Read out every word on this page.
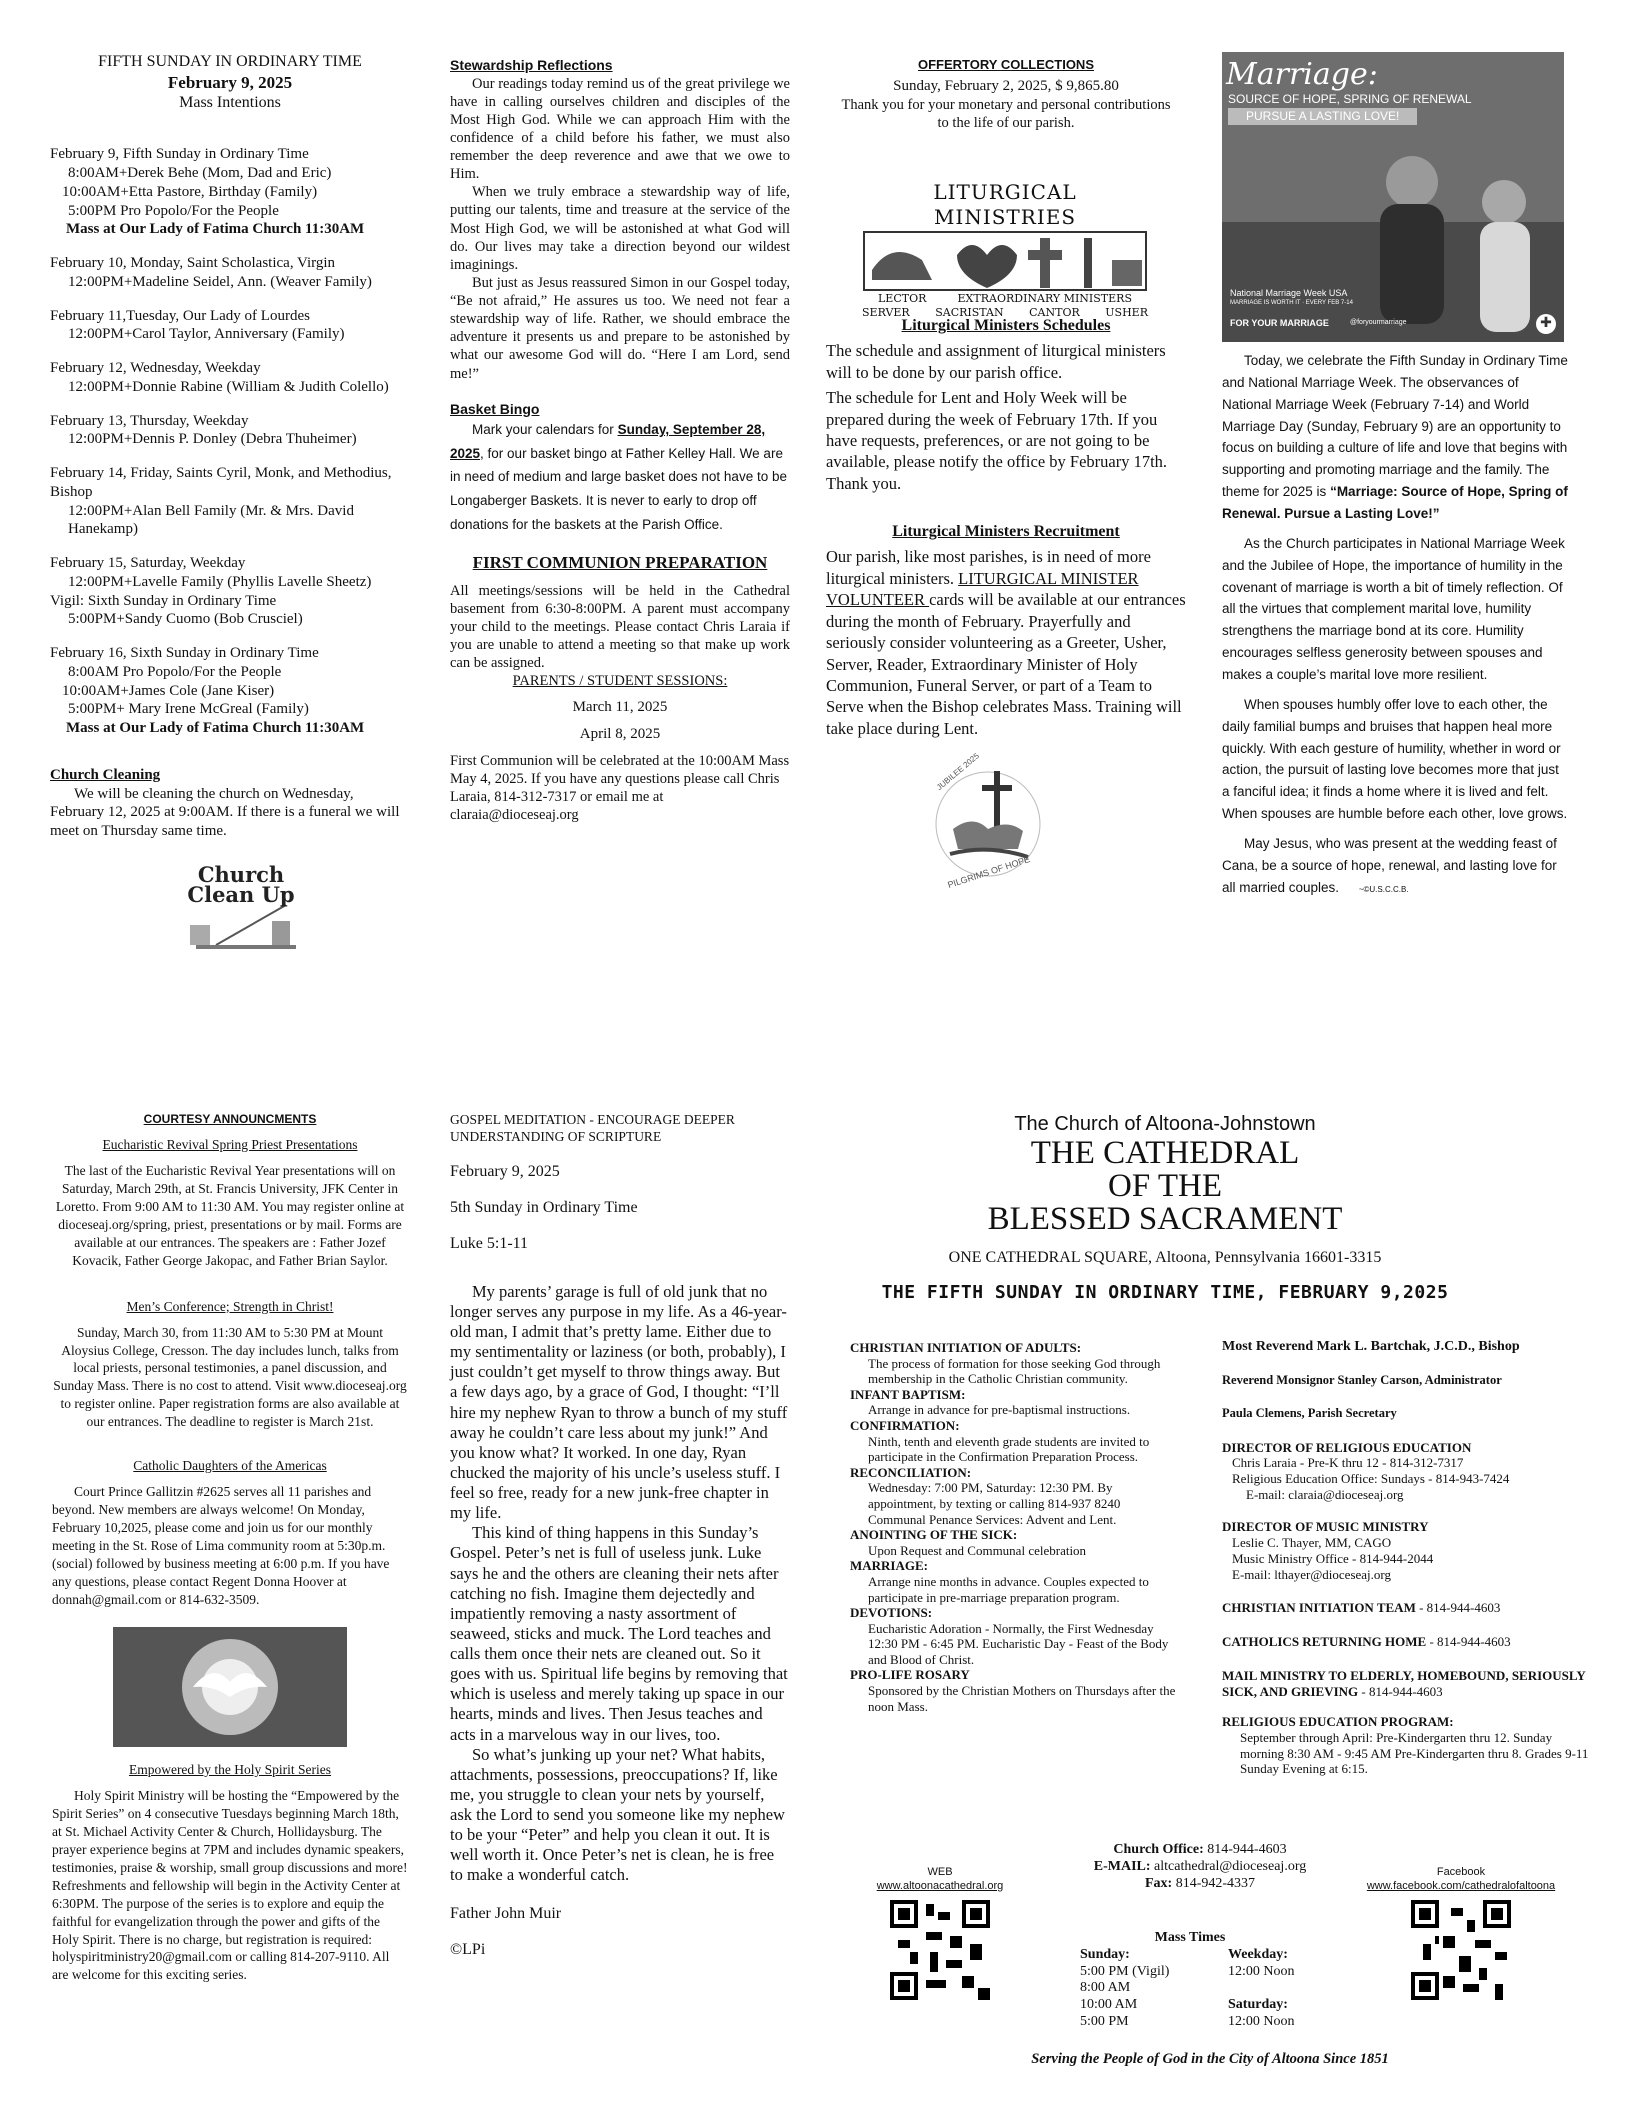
FIFTH SUNDAY IN ORDINARY TIME
February 9, 2025
Mass Intentions

February 9, Fifth Sunday in Ordinary Time

8:00AM+Derek Behe (Mom, Dad and Eric)

10:00AM+Etta Pastore, Birthday (Family)

5:00PM Pro Popolo/For the People

Mass at Our Lady of Fatima Church 11:30AM

February 10, Monday, Saint Scholastica, Virgin

12:00PM+Madeline Seidel, Ann. (Weaver Family)

February 11,Tuesday, Our Lady of Lourdes

12:00PM+Carol Taylor, Anniversary (Family)

February 12, Wednesday, Weekday

12:00PM+Donnie Rabine (William & Judith Colello)

February 13, Thursday, Weekday

12:00PM+Dennis P. Donley (Debra Thuheimer)

February 14, Friday, Saints Cyril, Monk, and Methodius, Bishop

12:00PM+Alan Bell Family (Mr. & Mrs. David Hanekamp)

February 15, Saturday, Weekday

12:00PM+Lavelle Family (Phyllis Lavelle Sheetz)

Vigil: Sixth Sunday in Ordinary Time

5:00PM+Sandy Cuomo (Bob Crusciel)

February 16, Sixth Sunday in Ordinary Time

8:00AM Pro Popolo/For the People

10:00AM+James Cole (Jane Kiser)

5:00PM+ Mary Irene McGreal (Family)

Mass at Our Lady of Fatima Church 11:30AM

Church Cleaning

We will be cleaning the church on Wednesday, February 12, 2025 at 9:00AM. If there is a funeral we will meet on Thursday same time.

Church Clean Up
Stewardship Reflections

Our readings today remind us of the great privilege we have in calling ourselves children and disciples of the Most High God. While we can approach Him with the confidence of a child before his father, we must also remember the deep reverence and awe that we owe to Him.

When we truly embrace a stewardship way of life, putting our talents, time and treasure at the service of the Most High God, we will be astonished at what God will do. Our lives may take a direction beyond our wildest imaginings.

But just as Jesus reassured Simon in our Gospel today, “Be not afraid,” He assures us too. We need not fear a stewardship way of life. Rather, we should embrace the adventure it presents us and prepare to be astonished by what our awesome God will do. “Here I am Lord, send me!”

Basket Bingo

Mark your calendars for Sunday, September 28, 2025, for our basket bingo at Father Kelley Hall. We are in need of medium and large basket does not have to be Longaberger Baskets. It is never to early to drop off donations for the baskets at the Parish Office.

FIRST COMMUNION PREPARATION

All meetings/sessions will be held in the Cathedral basement from 6:30-8:00PM. A parent must accompany your child to the meetings. Please contact Chris Laraia if you are unable to attend a meeting so that make up work can be assigned.

PARENTS / STUDENT SESSIONS:
March 11, 2025
April 8, 2025

First Communion will be celebrated at the 10:00AM Mass May 4, 2025. If you have any questions please call Chris Laraia, 814-312-7317 or email me at claraia@dioceseaj.org

OFFERTORY COLLECTIONS
Sunday, February 2, 2025, $ 9,865.80

Thank you for your monetary and personal contributions to the life of our parish.

LITURGICAL MINISTRIES
LECTOR	EXTRAORDINARY MINISTERS
SERVER SACRISTAN CANTOR USHER
Liturgical Ministers Schedules

The schedule and assignment of liturgical ministers will to be done by our parish office.

The schedule for Lent and Holy Week will be prepared during the week of February 17th. If you have requests, preferences, or are not going to be available, please notify the office by February 17th. Thank you.

Liturgical Ministers Recruitment

Our parish, like most parishes, is in need of more liturgical ministers. LITURGICAL MINISTER VOLUNTEER cards will be available at our entrances during the month of February. Prayerfully and seriously consider volunteering as a Greeter, Usher, Server, Reader, Extraordinary Minister of Holy Communion, Funeral Server, or part of a Team to Serve when the Bishop celebrates Mass. Training will take place during Lent.

JUBILEE 2025
PILGRIMS OF HOPE
Marriage:
SOURCE OF HOPE, SPRING OF RENEWAL
PURSUE A LASTING LOVE!
National Marriage Week USA
MARRIAGE IS WORTH IT · EVERY FEB 7-14
FOR YOUR MARRIAGE	@foryourmarriage	✚

Today, we celebrate the Fifth Sunday in Ordinary Time and National Marriage Week. The observances of National Marriage Week (February 7-14) and World Marriage Day (Sunday, February 9) are an opportunity to focus on building a culture of life and love that begins with supporting and promoting marriage and the family. The theme for 2025 is “Marriage: Source of Hope, Spring of Renewal. Pursue a Lasting Love!”

As the Church participates in National Marriage Week and the Jubilee of Hope, the importance of humility in the covenant of marriage is worth a bit of timely reflection. Of all the virtues that complement marital love, humility strengthens the marriage bond at its core. Humility encourages selfless generosity between spouses and makes a couple’s marital love more resilient.

When spouses humbly offer love to each other, the daily familial bumps and bruises that happen heal more quickly. With each gesture of humility, whether in word or action, the pursuit of lasting love becomes more that just a fanciful idea; it finds a home where it is lived and felt. When spouses are humble before each other, love grows.

May Jesus, who was present at the wedding feast of Cana, be a source of hope, renewal, and lasting love for all married couples. ~©U.S.C.C.B.

COURTESY ANNOUNCMENTS
Eucharistic Revival Spring Priest Presentations

The last of the Eucharistic Revival Year presentations will on Saturday, March 29th, at St. Francis University, JFK Center in Loretto. From 9:00 AM to 11:30 AM. You may register online at dioceseaj.org/spring, priest, presentations or by mail. Forms are available at our entrances. The speakers are : Father Jozef Kovacik, Father George Jakopac, and Father Brian Saylor.

Men’s Conference; Strength in Christ!

Sunday, March 30, from 11:30 AM to 5:30 PM at Mount Aloysius College, Cresson. The day includes lunch, talks from local priests, personal testimonies, a panel discussion, and Sunday Mass. There is no cost to attend. Visit www.dioceseaj.org to register online. Paper registration forms are also available at our entrances. The deadline to register is March 21st.

Catholic Daughters of the Americas

Court Prince Gallitzin #2625 serves all 11 parishes and beyond. New members are always welcome! On Monday, February 10,2025, please come and join us for our monthly meeting in the St. Rose of Lima community room at 5:30p.m. (social) followed by business meeting at 6:00 p.m. If you have any questions, please contact Regent Donna Hoover at donnah@gmail.com or 814-632-3509.

Empowered by the Holy Spirit Series

Holy Spirit Ministry will be hosting the “Empowered by the Spirit Series” on 4 consecutive Tuesdays beginning March 18th, at St. Michael Activity Center & Church, Hollidaysburg. The prayer experience begins at 7PM and includes dynamic speakers, testimonies, praise & worship, small group discussions and more! Refreshments and fellowship will begin in the Activity Center at 6:30PM. The purpose of the series is to explore and equip the faithful for evangelization through the power and gifts of the Holy Spirit. There is no charge, but registration is required: holyspiritministry20@gmail.com or calling 814-207-9110. All are welcome for this exciting series.

GOSPEL MEDITATION - ENCOURAGE DEEPER UNDERSTANDING OF SCRIPTURE
February 9, 2025
5th Sunday in Ordinary Time
Luke 5:1-11

My parents’ garage is full of old junk that no longer serves any purpose in my life. As a 46-year-old man, I admit that’s pretty lame. Either due to my sentimentality or laziness (or both, probably), I just couldn’t get myself to throw things away. But a few days ago, by a grace of God, I thought: “I’ll hire my nephew Ryan to throw a bunch of my stuff away he couldn’t care less about my junk!” And you know what? It worked. In one day, Ryan chucked the majority of his uncle’s useless stuff. I feel so free, ready for a new junk-free chapter in my life.

This kind of thing happens in this Sunday’s Gospel. Peter’s net is full of useless junk. Luke says he and the others are cleaning their nets after catching no fish. Imagine them dejectedly and impatiently removing a nasty assortment of seaweed, sticks and muck. The Lord teaches and calls them once their nets are cleaned out. So it goes with us. Spiritual life begins by removing that which is useless and merely taking up space in our hearts, minds and lives. Then Jesus teaches and acts in a marvelous way in our lives, too.

So what’s junking up your net? What habits, attachments, possessions, preoccupations? If, like me, you struggle to clean your nets by yourself, ask the Lord to send you someone like my nephew to be your “Peter” and help you clean it out. It is well worth it. Once Peter’s net is clean, he is free to make a wonderful catch.

Father John Muir
©LPi
The Church of Altoona-Johnstown
THE CATHEDRAL
OF THE
BLESSED SACRAMENT
ONE CATHEDRAL SQUARE, Altoona, Pennsylvania 16601-3315
THE FIFTH SUNDAY IN ORDINARY TIME, FEBRUARY 9,2025
CHRISTIAN INITIATION OF ADULTS:

The process of formation for those seeking God through membership in the Catholic Christian community.

INFANT BAPTISM:

Arrange in advance for pre-baptismal instructions.

CONFIRMATION:

Ninth, tenth and eleventh grade students are invited to participate in the Confirmation Preparation Process.

RECONCILIATION:

Wednesday: 7:00 PM, Saturday: 12:30 PM. By appointment, by texting or calling 814-937 8240 Communal Penance Services: Advent and Lent.

ANOINTING OF THE SICK:

Upon Request and Communal celebration

MARRIAGE:

Arrange nine months in advance. Couples expected to participate in pre-marriage preparation program.

DEVOTIONS:

Eucharistic Adoration - Normally, the First Wednesday 12:30 PM - 6:45 PM. Eucharistic Day - Feast of the Body and Blood of Christ.

PRO-LIFE ROSARY

Sponsored by the Christian Mothers on Thursdays after the noon Mass.

Most Reverend Mark L. Bartchak, J.C.D., Bishop
Reverend Monsignor Stanley Carson, Administrator
Paula Clemens, Parish Secretary
DIRECTOR OF RELIGIOUS EDUCATION

Chris Laraia - Pre-K thru 12 - 814-312-7317

Religious Education Office: Sundays - 814-943-7424

E-mail: claraia@dioceseaj.org

DIRECTOR OF MUSIC MINISTRY

Leslie C. Thayer, MM, CAGO

Music Ministry Office - 814-944-2044

E-mail: lthayer@dioceseaj.org

CHRISTIAN INITIATION TEAM - 814-944-4603

CATHOLICS RETURNING HOME - 814-944-4603

MAIL MINISTRY TO ELDERLY, HOMEBOUND, SERIOUSLY SICK, AND GRIEVING - 814-944-4603

RELIGIOUS EDUCATION PROGRAM:

September through April: Pre-Kindergarten thru 12. Sunday morning 8:30 AM - 9:45 AM Pre-Kindergarten thru 8. Grades 9-11 Sunday Evening at 6:15.

Church Office: 814-944-4603

E-MAIL: altcathedral@dioceseaj.org

Fax: 814-942-4337

WEB
www.altoonacathedral.org
Facebook
www.facebook.com/cathedralofaltoona
Mass Times
Sunday:
5:00 PM (Vigil)
8:00 AM
10:00 AM
5:00 PM
Weekday:
12:00 Noon
Saturday:
12:00 Noon
Serving the People of God in the City of Altoona Since 1851
